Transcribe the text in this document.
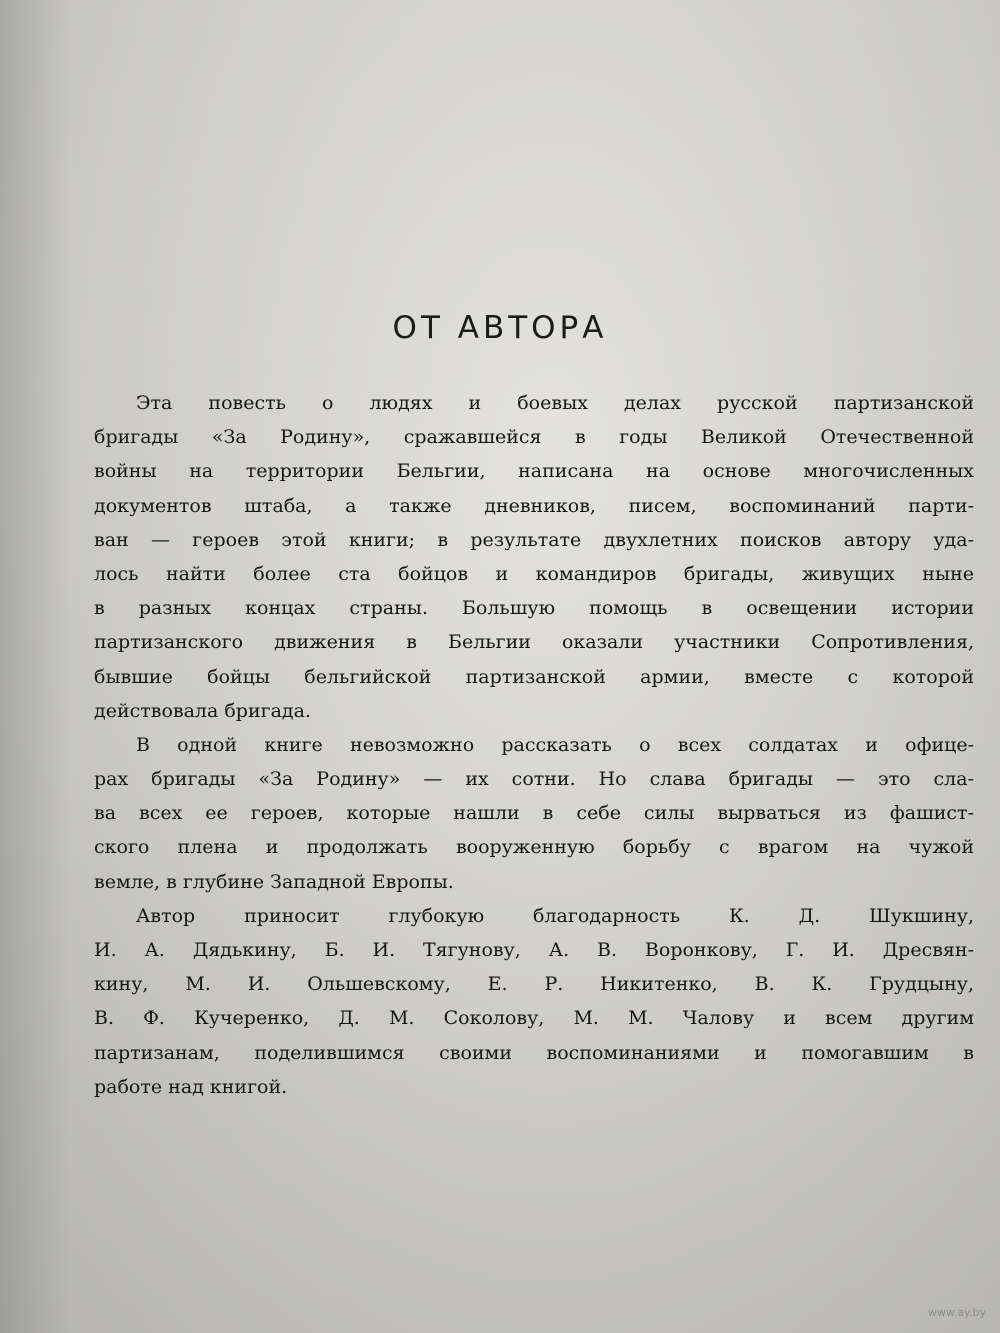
ОТ АВТОРА
Эта повесть о людях и боевых делах русской партизанской
бригады «За Родину», сражавшейся в годы Великой Отечественной
войны на территории Бельгии, написана на основе многочисленных
документов штаба, а также дневников, писем, воспоминаний парти-
ван — героев этой книги; в результате двухлетних поисков автору уда-
лось найти более ста бойцов и командиров бригады, живущих ныне
в разных концах страны. Большую помощь в освещении истории
партизанского движения в Бельгии оказали участники Сопротивления,
бывшие бойцы бельгийской партизанской армии, вместе с которой
действовала бригада.
В одной книге невозможно рассказать о всех солдатах и офице-
рах бригады «За Родину» — их сотни. Но слава бригады — это сла-
ва всех ее героев, которые нашли в себе силы вырваться из фашист-
ского плена и продолжать вооруженную борьбу с врагом на чужой
вемле, в глубине Западной Европы.
Автор приносит глубокую благодарность К. Д. Шукшину,
И. А. Дядькину, Б. И. Тягунову, А. В. Воронкову, Г. И. Дресвян-
кину, М. И. Ольшевскому, Е. Р. Никитенко, В. К. Грудцыну,
В. Ф. Кучеренко, Д. М. Соколову, М. М. Чалову и всем другим
партизанам, поделившимся своими воспоминаниями и помогавшим в
работе над книгой.
www.ay.by
